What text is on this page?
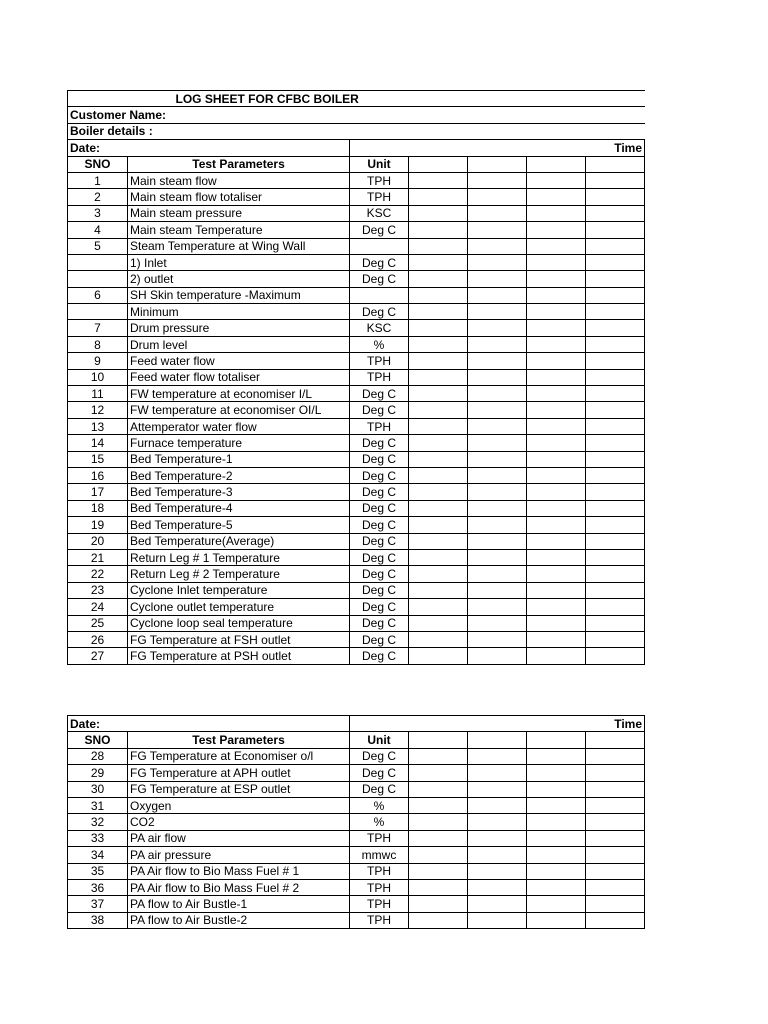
	LOG SHEET FOR CFBC BOILER					
Customer Name:						
Boiler details :						
Date:		Time				
SNO	Test Parameters	Unit				
1	Main steam flow	TPH				
2	Main steam flow totaliser	TPH				
3	Main steam pressure	KSC				
4	Main steam Temperature	Deg C				
5	Steam Temperature at Wing Wall					
	1) Inlet	Deg C				
	2) outlet	Deg C				
6	SH Skin temperature -Maximum					
	Minimum	Deg C				
7	Drum pressure	KSC				
8	Drum level	%				
9	Feed water flow	TPH				
10	Feed water flow totaliser	TPH				
11	FW temperature at economiser I/L	Deg C				
12	FW temperature at economiser OI/L	Deg C				
13	Attemperator water flow	TPH				
14	Furnace temperature	Deg C				
15	Bed Temperature-1	Deg C				
16	Bed Temperature-2	Deg C				
17	Bed Temperature-3	Deg C				
18	Bed Temperature-4	Deg C				
19	Bed Temperature-5	Deg C				
20	Bed Temperature(Average)	Deg C				
21	Return Leg # 1 Temperature	Deg C				
22	Return Leg # 2 Temperature	Deg C				
23	Cyclone Inlet temperature	Deg C				
24	Cyclone outlet temperature	Deg C				
25	Cyclone loop seal temperature	Deg C				
26	FG Temperature at FSH outlet	Deg C				
27	FG Temperature at PSH outlet	Deg C				
Date:		Time				
SNO	Test Parameters	Unit				
28	FG Temperature at Economiser o/l	Deg C				
29	FG Temperature at APH outlet	Deg C				
30	FG Temperature at ESP outlet	Deg C				
31	Oxygen	%				
32	CO2	%				
33	PA air flow	TPH				
34	PA air pressure	mmwc				
35	PA Air flow to Bio Mass Fuel # 1	TPH				
36	PA Air flow to Bio Mass Fuel # 2	TPH				
37	PA flow to Air Bustle-1	TPH				
38	PA flow to Air Bustle-2	TPH				
